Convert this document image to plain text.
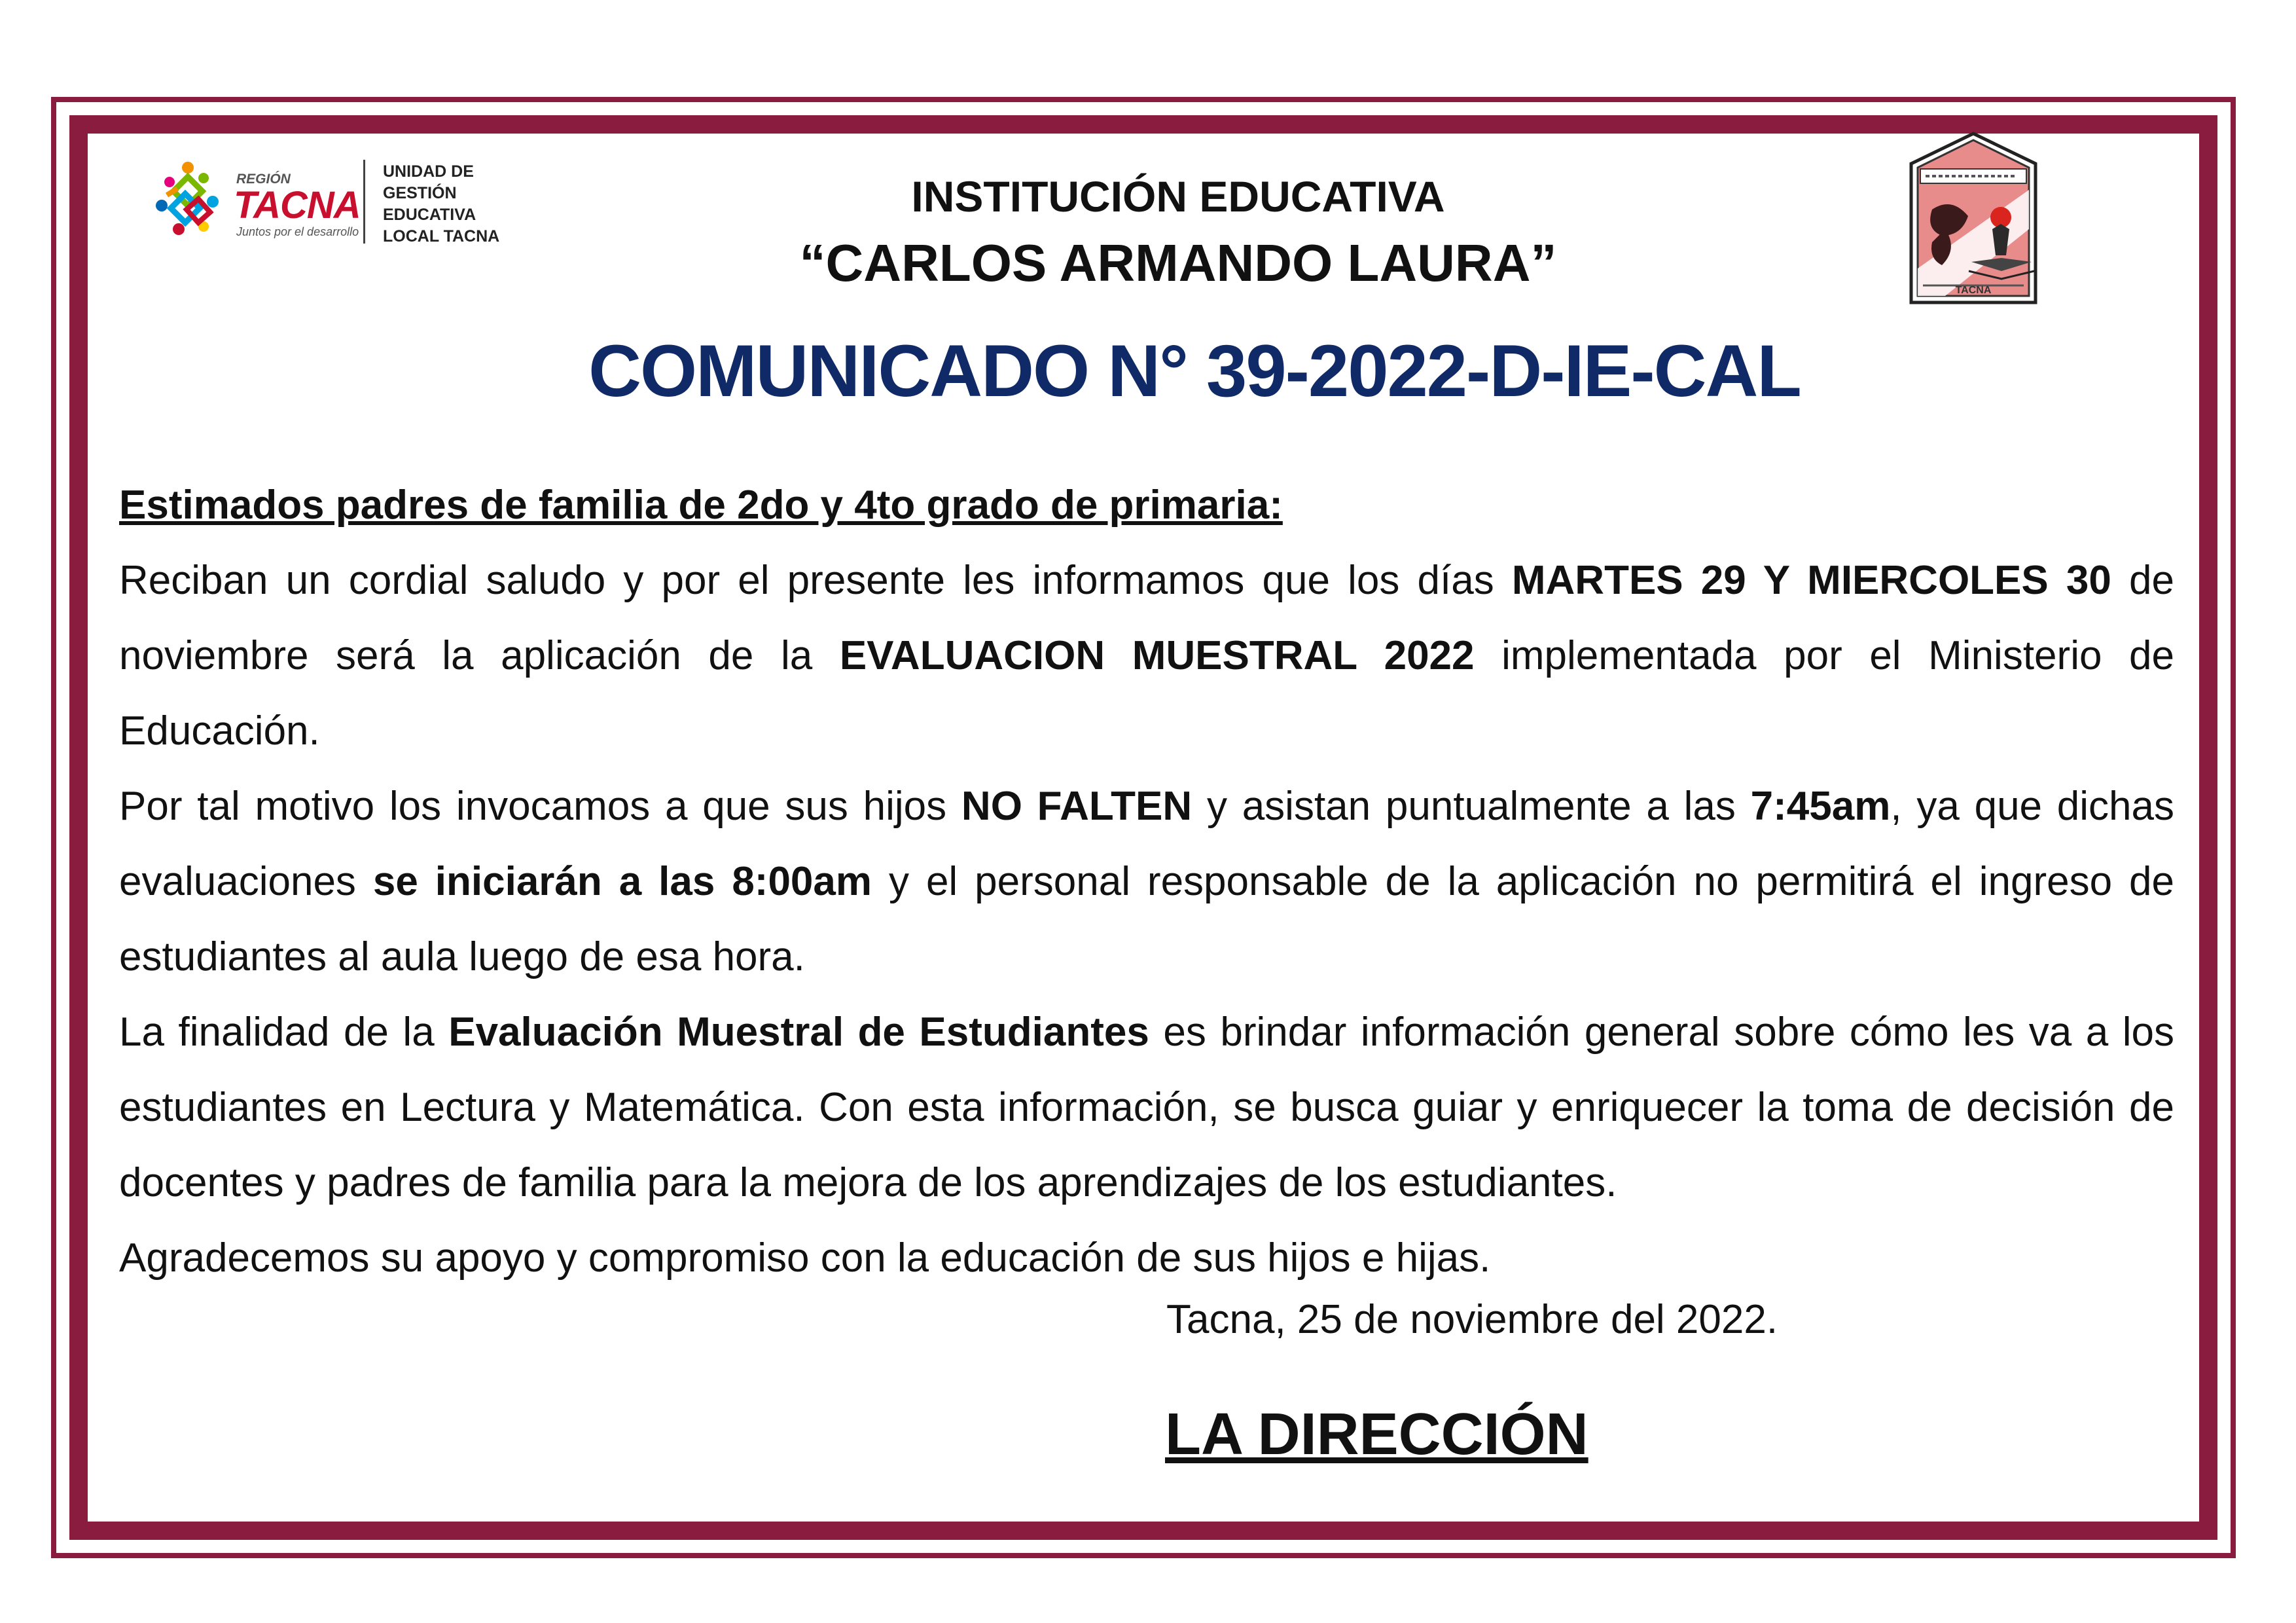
REGIÓN
TACNA
Juntos por el desarrollo
UNIDAD DE
GESTIÓN
EDUCATIVA
LOCAL TACNA
TACNA
INSTITUCIÓN EDUCATIVA
“CARLOS ARMANDO LAURA”
COMUNICADO N° 39-2022-D-IE-CAL

Estimados padres de familia de 2do y 4to grado de primaria:

Reciban un cordial saludo y por el presente les informamos que los días MARTES 29 Y MIERCOLES 30 de noviembre será la aplicación de la EVALUACION MUESTRAL 2022 implementada por el Ministerio de Educación.

Por tal motivo los invocamos a que sus hijos NO FALTEN y asistan puntualmente a las 7:45am, ya que dichas evaluaciones se iniciarán a las 8:00am y el personal responsable de la aplicación no permitirá el ingreso de estudiantes al aula luego de esa hora.

La finalidad de la Evaluación Muestral de Estudiantes es brindar información general sobre cómo les va a los estudiantes en Lectura y Matemática. Con esta información, se busca guiar y enriquecer la toma de decisión de docentes y padres de familia para la mejora de los aprendizajes de los estudiantes.

Agradecemos su apoyo y compromiso con la educación de sus hijos e hijas.

Tacna, 25 de noviembre del 2022.
LA DIRECCIÓN
